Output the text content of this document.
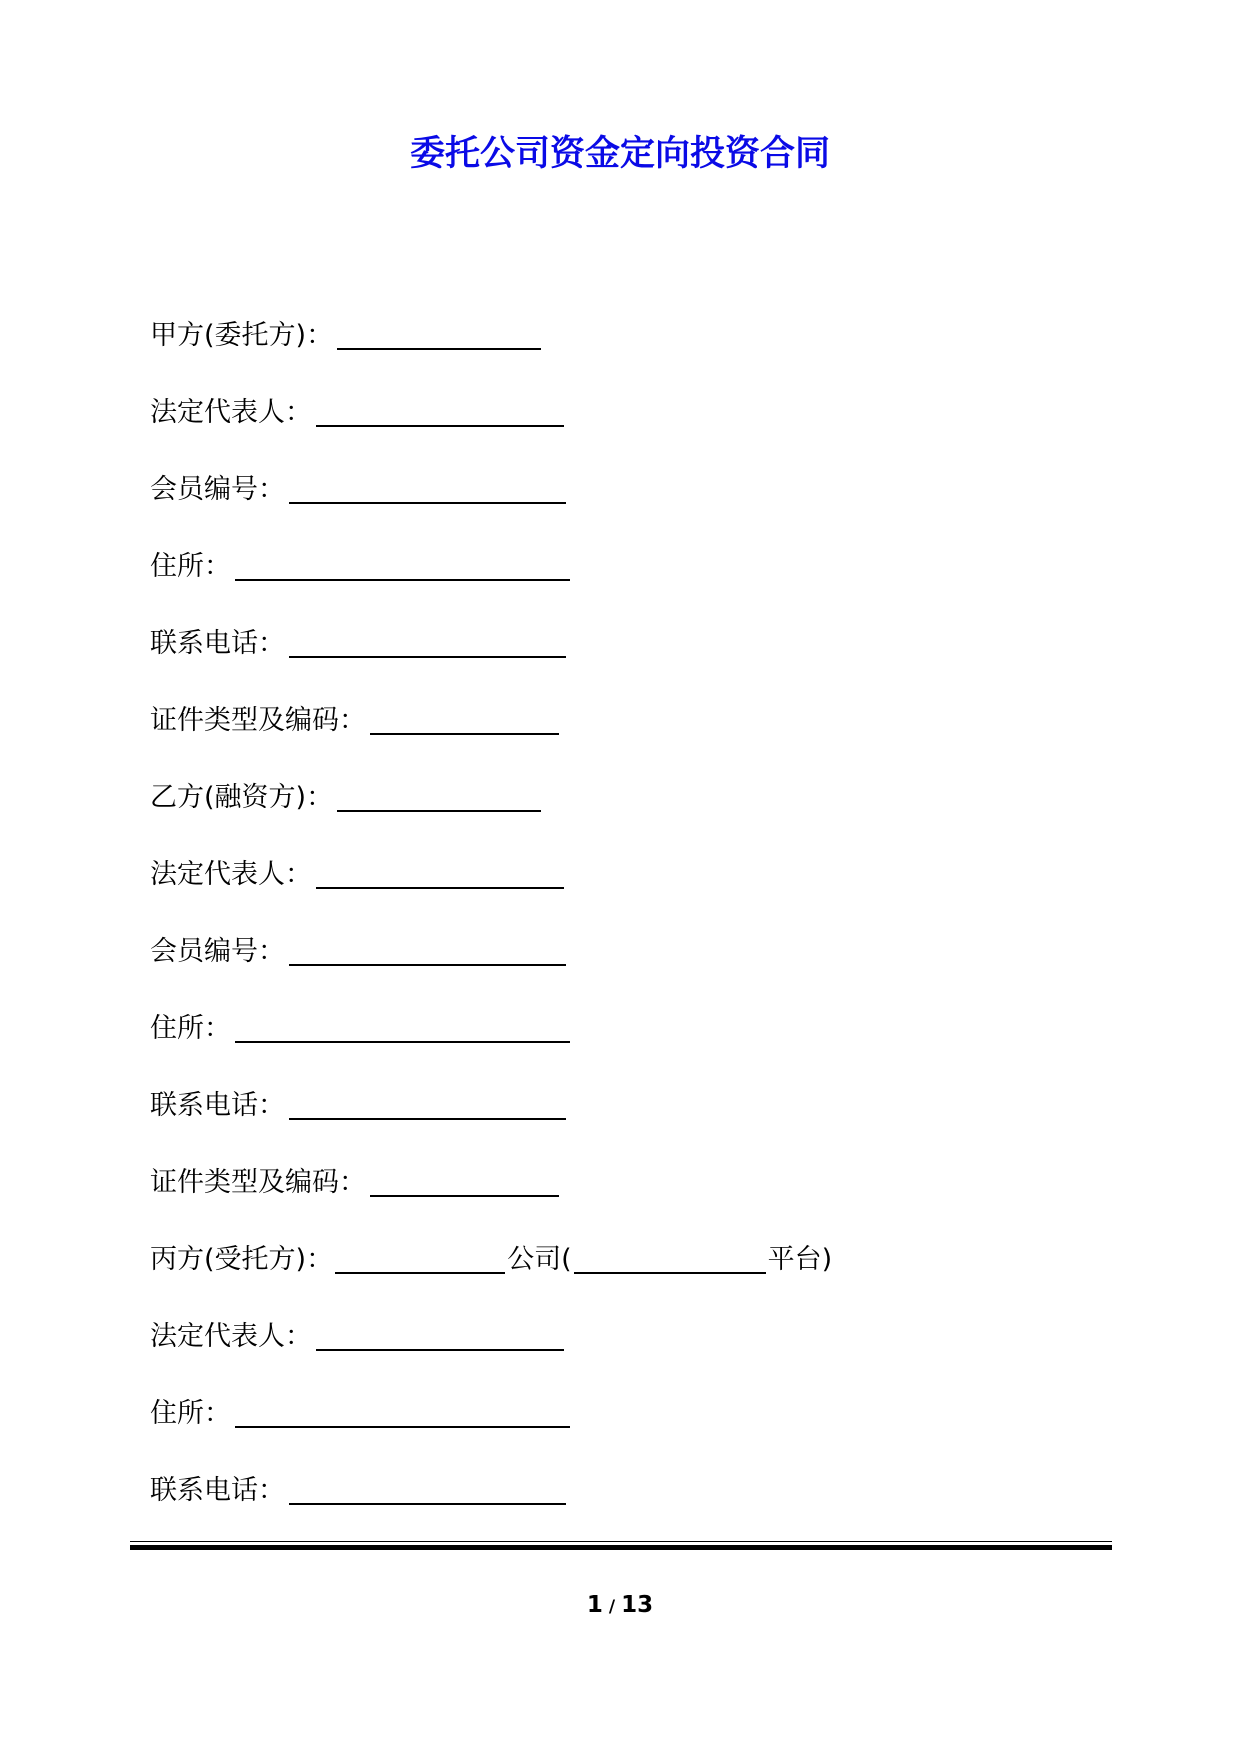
委托公司资金定向投资合同
甲方(委托方)：
法定代表人：
会员编号：
住所：
联系电话：
证件类型及编码：
乙方(融资方)：
法定代表人：
会员编号：
住所：
联系电话：
证件类型及编码：
丙方(受托方)：	公司(	平台)
法定代表人：
住所：
联系电话：
1 / 13
